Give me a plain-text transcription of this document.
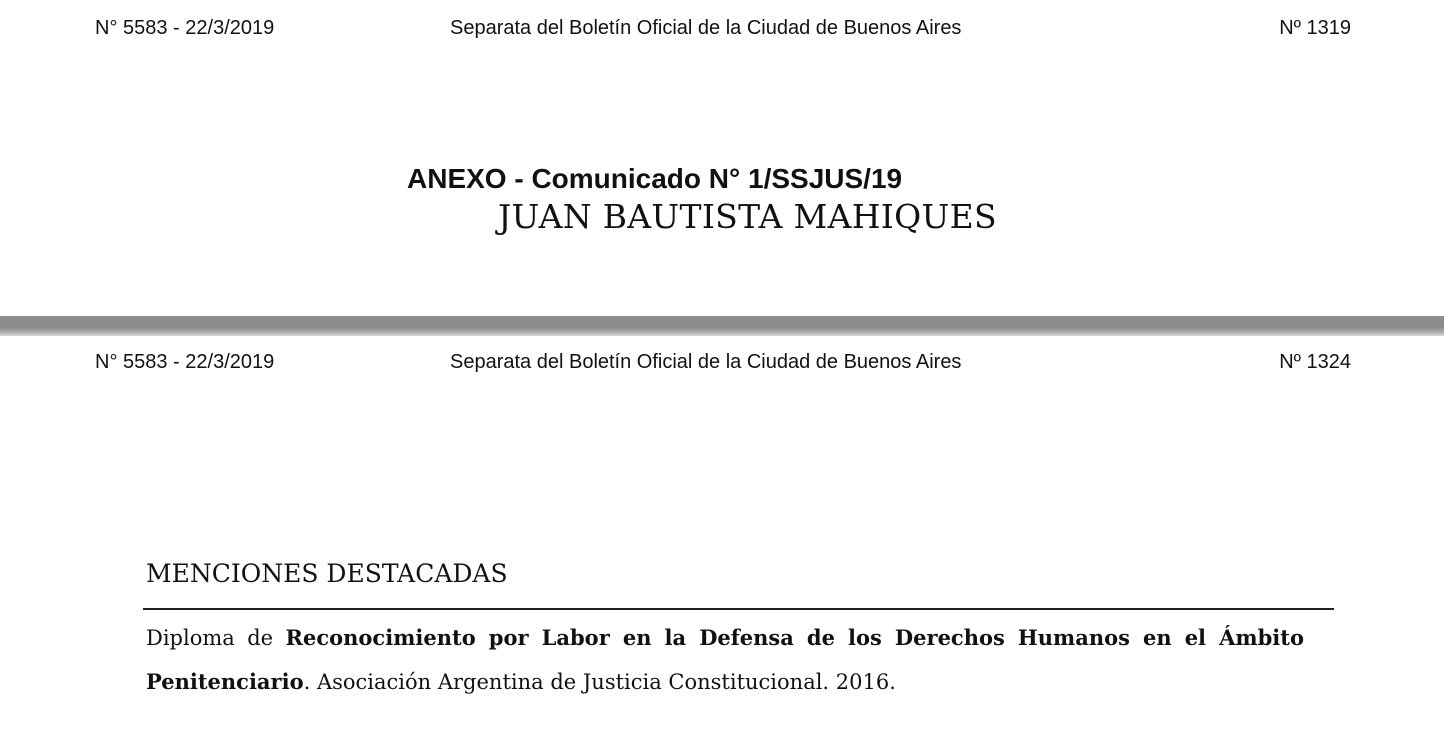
N° 5583 - 22/3/2019	Separata del Boletín Oficial de la Ciudad de Buenos Aires	Nº 1319
ANEXO - Comunicado N° 1/SSJUS/19
JUAN BAUTISTA MAHIQUES
N° 5583 - 22/3/2019	Separata del Boletín Oficial de la Ciudad de Buenos Aires	Nº 1324
MENCIONES DESTACADAS

Diploma de Reconocimiento por Labor en la Defensa de los Derechos Humanos en el Ámbito Penitenciario. Asociación Argentina de Justicia Constitucional. 2016.
